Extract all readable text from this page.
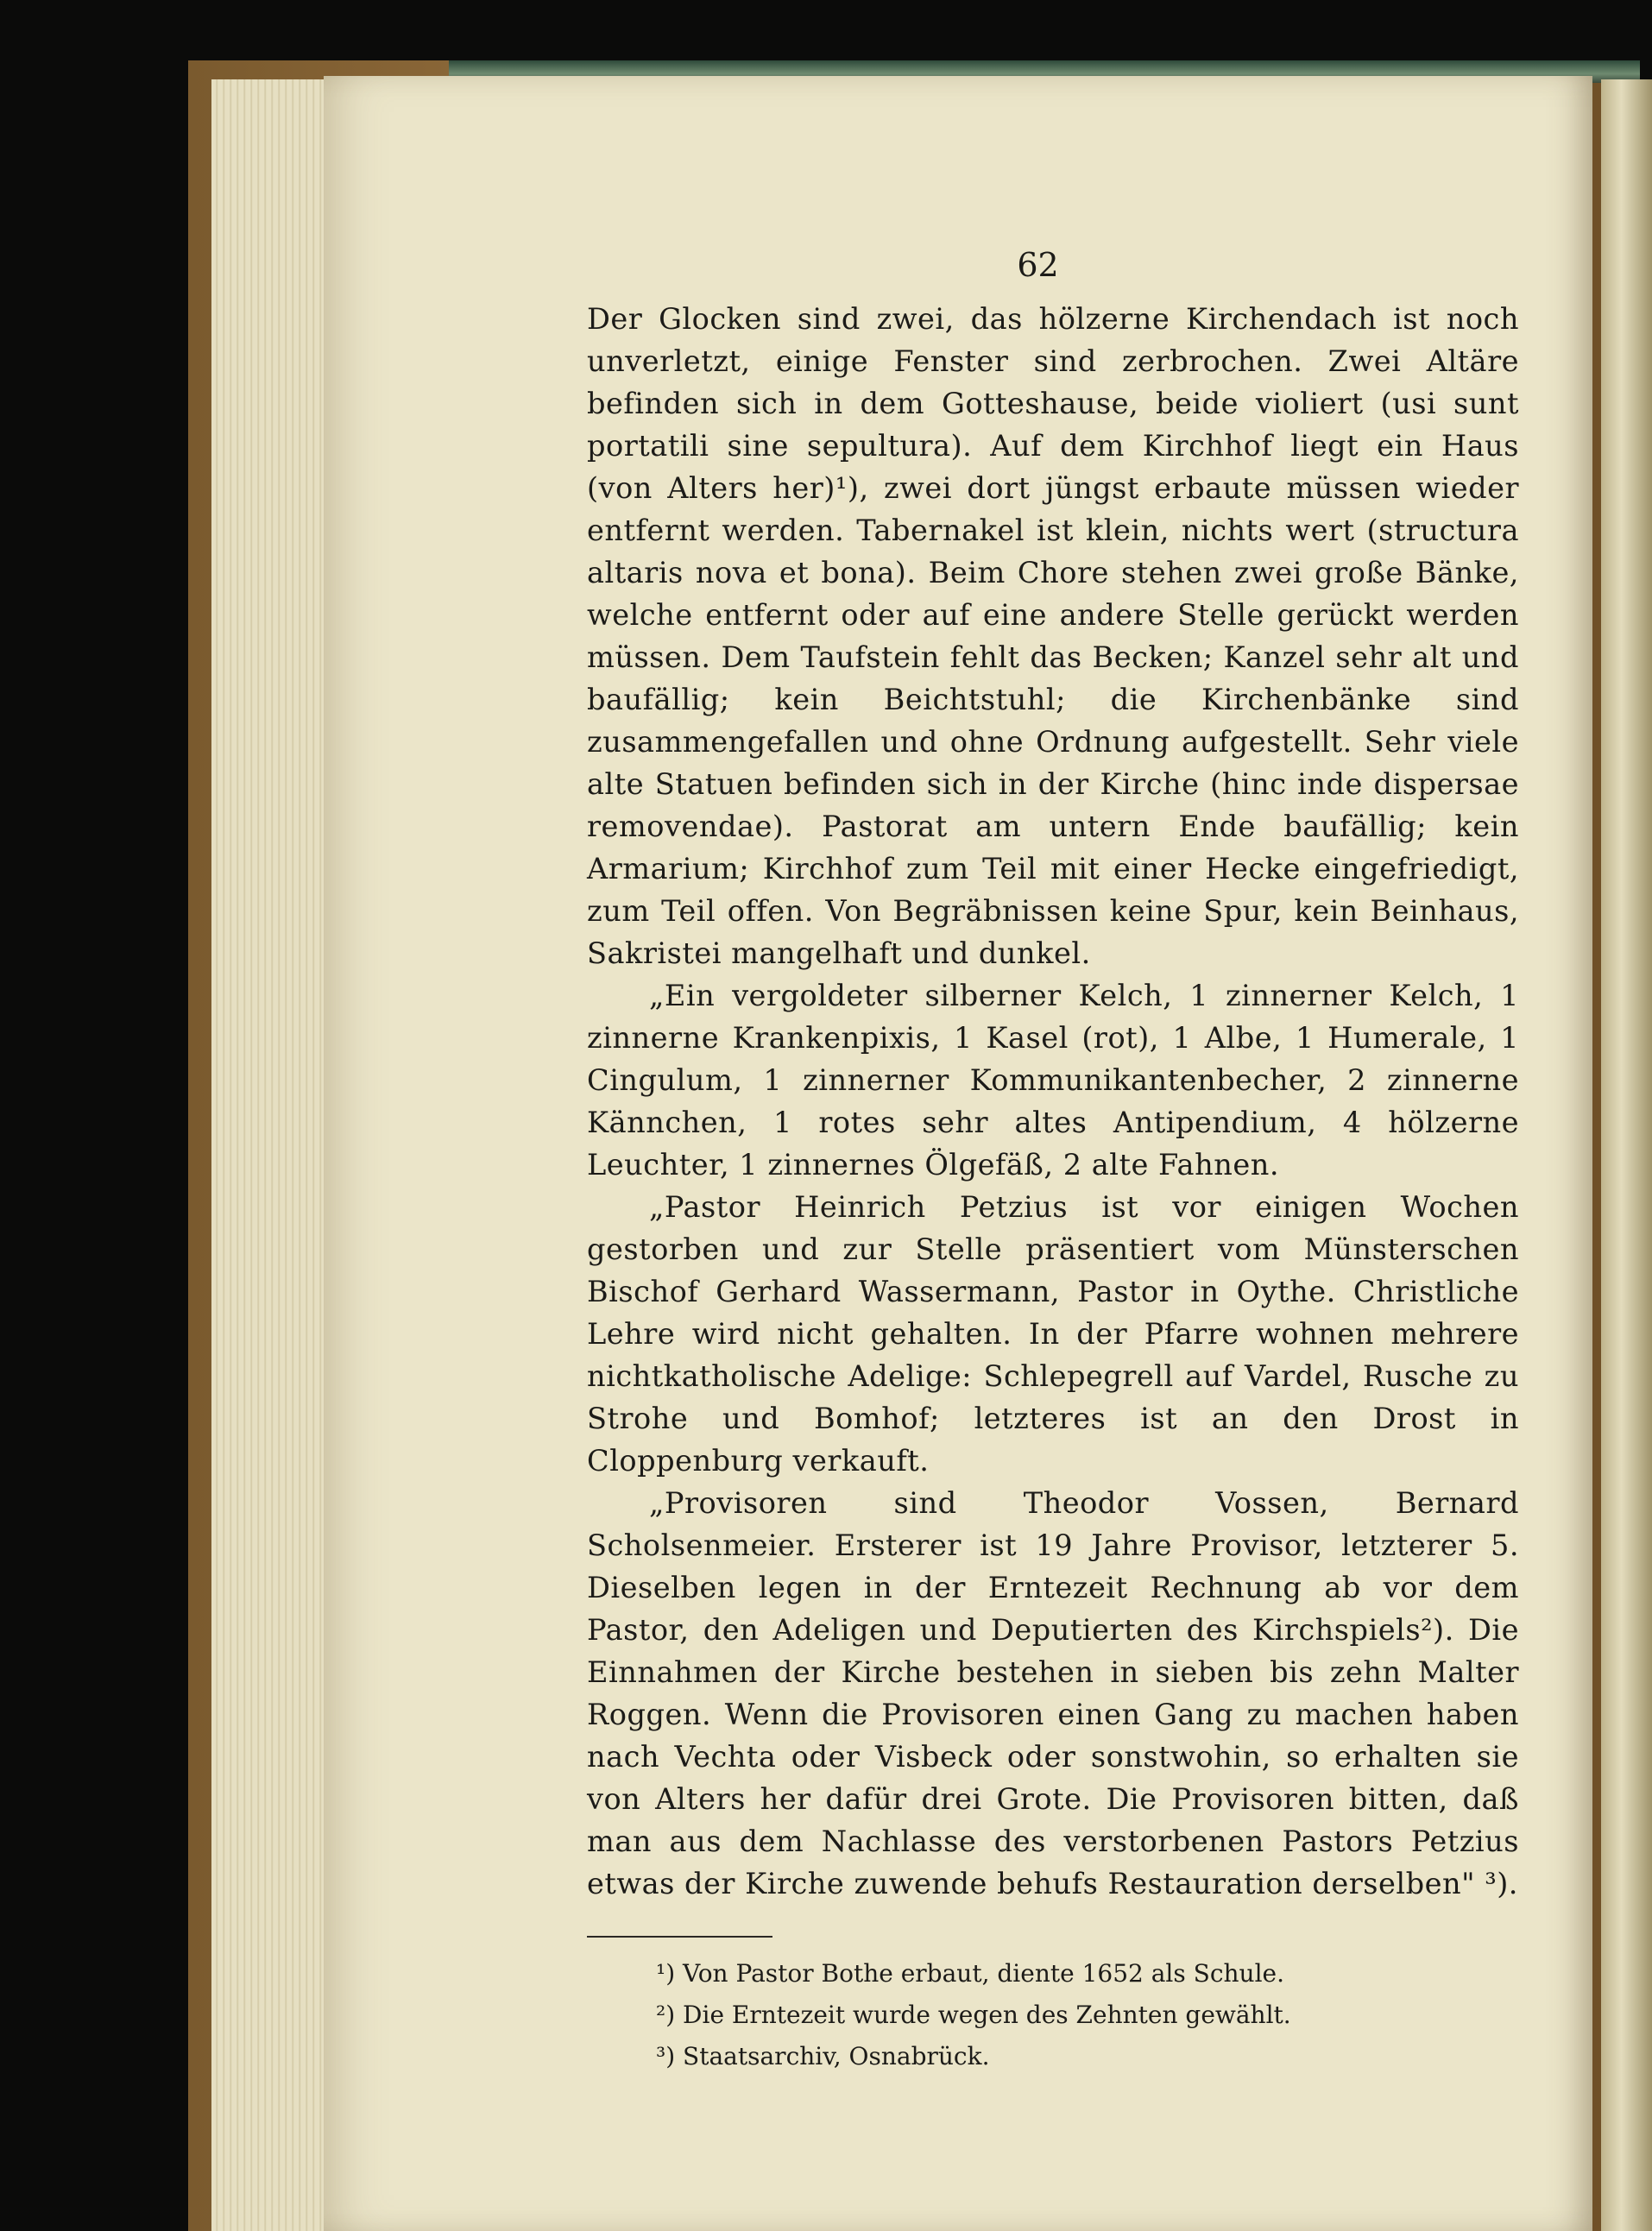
62

Der Glocken sind zwei, das hölzerne Kirchendach ist noch unverletzt, einige Fenster sind zerbrochen. Zwei Altäre befinden sich in dem Gotteshause, beide violiert (usi sunt portatili sine sepultura). Auf dem Kirchhof liegt ein Haus (von Alters her)¹), zwei dort jüngst erbaute müssen wieder entfernt werden. Tabernakel ist klein, nichts wert (structura altaris nova et bona). Beim Chore stehen zwei große Bänke, welche entfernt oder auf eine andere Stelle gerückt werden müssen. Dem Taufstein fehlt das Becken; Kanzel sehr alt und baufällig; kein Beichtstuhl; die Kirchenbänke sind zusammengefallen und ohne Ordnung aufgestellt. Sehr viele alte Statuen befinden sich in der Kirche (hinc inde dispersae removendae). Pastorat am untern Ende baufällig; kein Armarium; Kirchhof zum Teil mit einer Hecke eingefriedigt, zum Teil offen. Von Begräbnissen keine Spur, kein Beinhaus, Sakristei mangelhaft und dunkel.

„Ein vergoldeter silberner Kelch, 1 zinnerner Kelch, 1 zinnerne Krankenpixis, 1 Kasel (rot), 1 Albe, 1 Humerale, 1 Cingulum, 1 zinnerner Kommunikantenbecher, 2 zinnerne Kännchen, 1 rotes sehr altes Antipendium, 4 hölzerne Leuchter, 1 zinnernes Ölgefäß, 2 alte Fahnen.

„Pastor Heinrich Petzius ist vor einigen Wochen gestorben und zur Stelle präsentiert vom Münsterschen Bischof Gerhard Wassermann, Pastor in Oythe. Christliche Lehre wird nicht gehalten. In der Pfarre wohnen mehrere nichtkatholische Adelige: Schlepegrell auf Vardel, Rusche zu Strohe und Bomhof; letzteres ist an den Drost in Cloppenburg verkauft.

„Provisoren sind Theodor Vossen, Bernard Scholsenmeier. Ersterer ist 19 Jahre Provisor, letzterer 5. Dieselben legen in der Erntezeit Rechnung ab vor dem Pastor, den Adeligen und Deputierten des Kirchspiels²). Die Einnahmen der Kirche bestehen in sieben bis zehn Malter Roggen. Wenn die Provisoren einen Gang zu machen haben nach Vechta oder Visbeck oder sonstwohin, so erhalten sie von Alters her dafür drei Grote. Die Provisoren bitten, daß man aus dem Nachlasse des verstorbenen Pastors Petzius etwas der Kirche zuwende behufs Restauration derselben" ³).

¹) Von Pastor Bothe erbaut, diente 1652 als Schule.

²) Die Erntezeit wurde wegen des Zehnten gewählt.

³) Staatsarchiv, Osnabrück.
